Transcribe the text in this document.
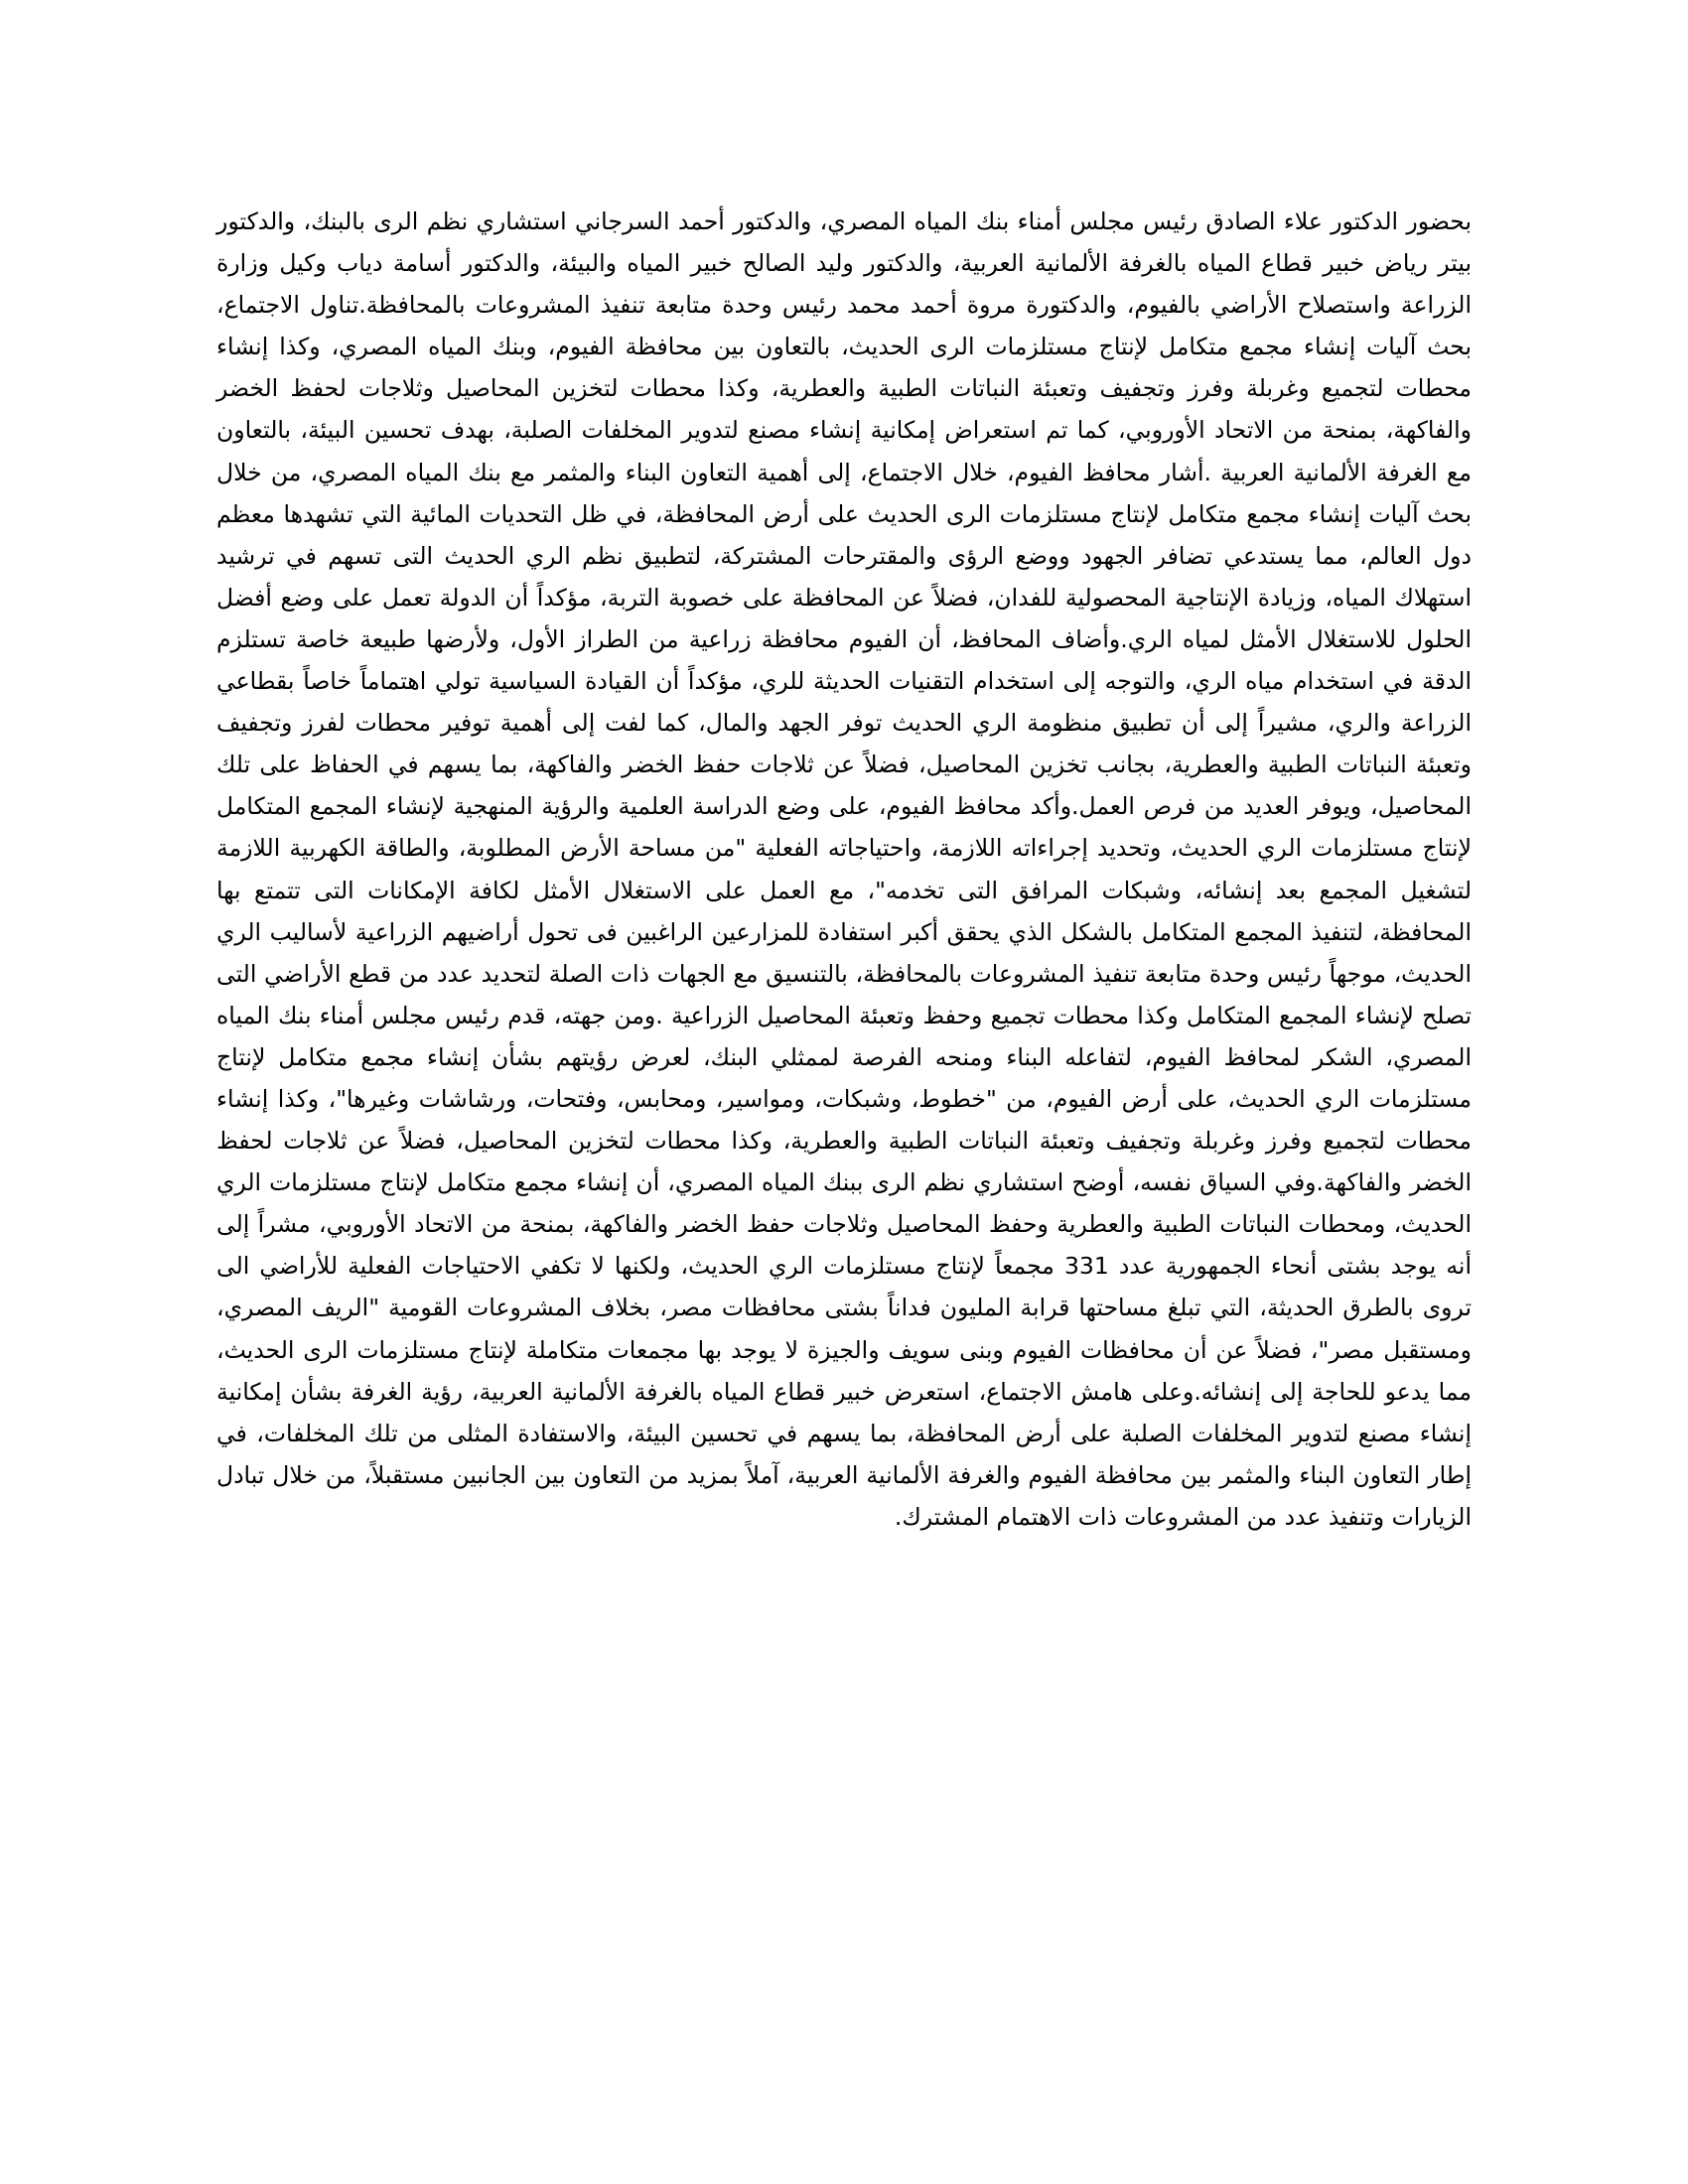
بحضور الدكتور علاء الصادق رئيس مجلس أمناء بنك المياه المصري، والدكتور أحمد السرجاني استشاري نظم الرى بالبنك، والدكتور بيتر رياض خبير قطاع المياه بالغرفة الألمانية العربية، والدكتور وليد الصالح خبير المياه والبيئة، والدكتور أسامة دياب وكيل وزارة الزراعة واستصلاح الأراضي بالفيوم، والدكتورة مروة أحمد محمد رئيس وحدة متابعة تنفيذ المشروعات بالمحافظة.تناول الاجتماع، بحث آليات إنشاء مجمع متكامل لإنتاج مستلزمات الرى الحديث، بالتعاون بين محافظة الفيوم، وبنك المياه المصري، وكذا إنشاء محطات لتجميع وغربلة وفرز وتجفيف وتعبئة النباتات الطبية والعطرية، وكذا محطات لتخزين المحاصيل وثلاجات لحفظ الخضر والفاكهة، بمنحة من الاتحاد الأوروبي، كما تم استعراض إمكانية إنشاء مصنع لتدوير المخلفات الصلبة، بهدف تحسين البيئة، بالتعاون مع الغرفة الألمانية العربية .أشار محافظ الفيوم، خلال الاجتماع، إلى أهمية التعاون البناء والمثمر مع بنك المياه المصري، من خلال بحث آليات إنشاء مجمع متكامل لإنتاج مستلزمات الرى الحديث على أرض المحافظة، في ظل التحديات المائية التي تشهدها معظم دول العالم، مما يستدعي تضافر الجهود ووضع الرؤى والمقترحات المشتركة، لتطبيق نظم الري الحديث التى تسهم في ترشيد استهلاك المياه، وزيادة الإنتاجية المحصولية للفدان، فضلاً عن المحافظة على خصوبة التربة، مؤكداً أن الدولة تعمل على وضع أفضل الحلول للاستغلال الأمثل لمياه الري.وأضاف المحافظ، أن الفيوم محافظة زراعية من الطراز الأول، ولأرضها طبيعة خاصة تستلزم الدقة في استخدام مياه الري، والتوجه إلى استخدام التقنيات الحديثة للري، مؤكداً أن القيادة السياسية تولي اهتماماً خاصاً بقطاعي الزراعة والري، مشيراً إلى أن تطبيق منظومة الري الحديث توفر الجهد والمال، كما لفت إلى أهمية توفير محطات لفرز وتجفيف وتعبئة النباتات الطبية والعطرية، بجانب تخزين المحاصيل، فضلاً عن ثلاجات حفظ الخضر والفاكهة، بما يسهم في الحفاظ على تلك المحاصيل، ويوفر العديد من فرص العمل.وأكد محافظ الفيوم، على وضع الدراسة العلمية والرؤية المنهجية لإنشاء المجمع المتكامل لإنتاج مستلزمات الري الحديث، وتحديد إجراءاته اللازمة، واحتياجاته الفعلية "من مساحة الأرض المطلوبة، والطاقة الكهربية اللازمة لتشغيل المجمع بعد إنشائه، وشبكات المرافق التى تخدمه"، مع العمل على الاستغلال الأمثل لكافة الإمكانات التى تتمتع بها المحافظة، لتنفيذ المجمع المتكامل بالشكل الذي يحقق أكبر استفادة للمزارعين الراغبين فى تحول أراضيهم الزراعية لأساليب الري الحديث، موجهاً رئيس وحدة متابعة تنفيذ المشروعات بالمحافظة، بالتنسيق مع الجهات ذات الصلة لتحديد عدد من قطع الأراضي التى تصلح لإنشاء المجمع المتكامل وكذا محطات تجميع وحفظ وتعبئة المحاصيل الزراعية .ومن جهته، قدم رئيس مجلس أمناء بنك المياه المصري، الشكر لمحافظ الفيوم، لتفاعله البناء ومنحه الفرصة لممثلي البنك، لعرض رؤيتهم بشأن إنشاء مجمع متكامل لإنتاج مستلزمات الري الحديث، على أرض الفيوم، من "خطوط، وشبكات، ومواسير، ومحابس، وفتحات، ورشاشات وغيرها"، وكذا إنشاء محطات لتجميع وفرز وغربلة وتجفيف وتعبئة النباتات الطبية والعطرية، وكذا محطات لتخزين المحاصيل، فضلاً عن ثلاجات لحفظ الخضر والفاكهة.وفي السياق نفسه، أوضح استشاري نظم الرى ببنك المياه المصري، أن إنشاء مجمع متكامل لإنتاج مستلزمات الري الحديث، ومحطات النباتات الطبية والعطرية وحفظ المحاصيل وثلاجات حفظ الخضر والفاكهة، بمنحة من الاتحاد الأوروبي، مشراً إلى أنه يوجد بشتى أنحاء الجمهورية عدد 331 مجمعاً لإنتاج مستلزمات الري الحديث، ولكنها لا تكفي الاحتياجات الفعلية للأراضي الى تروى بالطرق الحديثة، التي تبلغ مساحتها قرابة المليون فداناً بشتى محافظات مصر، بخلاف المشروعات القومية "الريف المصري، ومستقبل مصر"، فضلاً عن أن محافظات الفيوم وبنى سويف والجيزة لا يوجد بها مجمعات متكاملة لإنتاج مستلزمات الرى الحديث، مما يدعو للحاجة إلى إنشائه.وعلى هامش الاجتماع، استعرض خبير قطاع المياه بالغرفة الألمانية العربية، رؤية الغرفة بشأن إمكانية إنشاء مصنع لتدوير المخلفات الصلبة على أرض المحافظة، بما يسهم في تحسين البيئة، والاستفادة المثلى من تلك المخلفات، في إطار التعاون البناء والمثمر بين محافظة الفيوم والغرفة الألمانية العربية، آملاً بمزيد من التعاون بين الجانبين مستقبلاً، من خلال تبادل الزيارات وتنفيذ عدد من المشروعات ذات الاهتمام المشترك.
